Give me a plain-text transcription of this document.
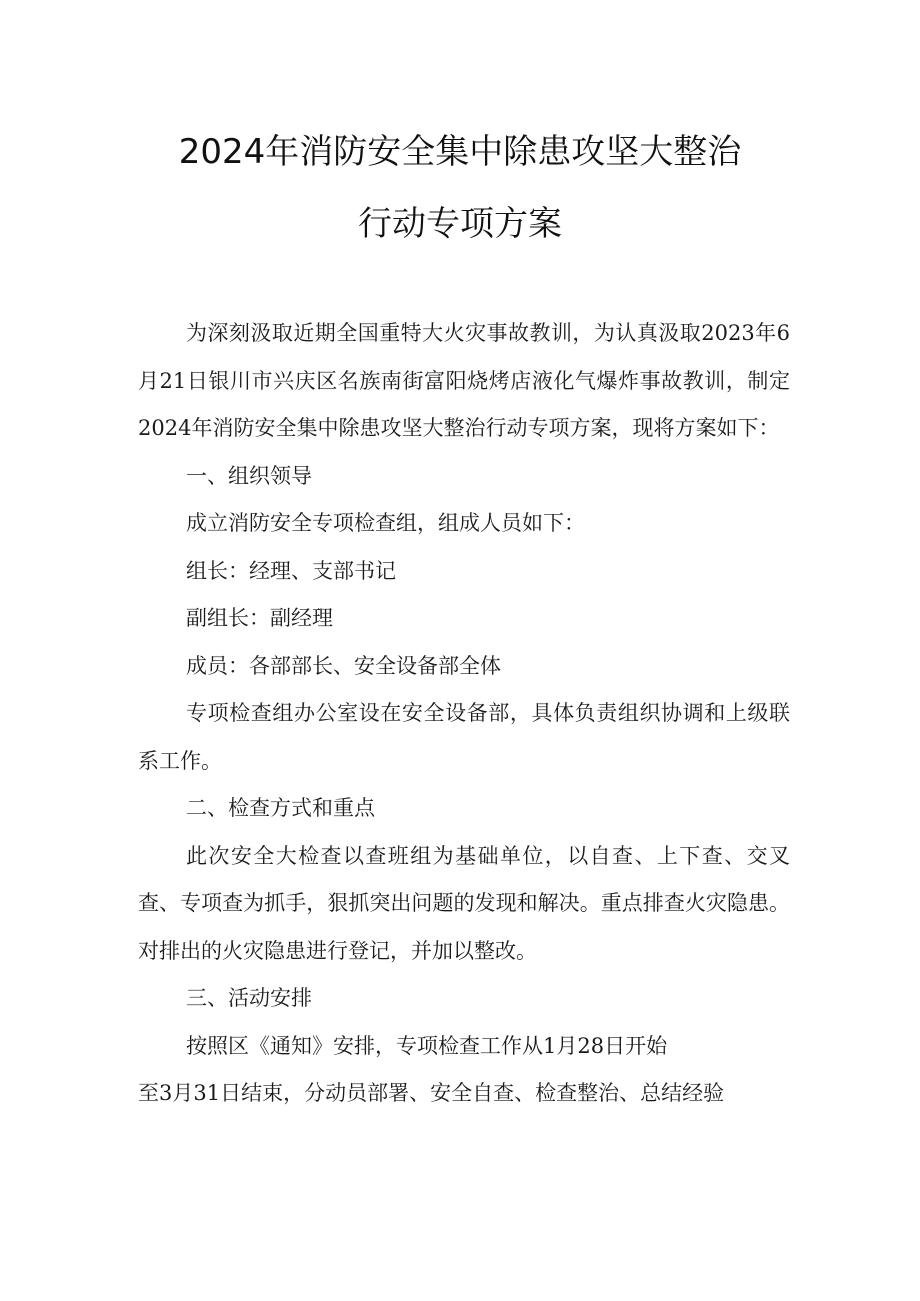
2024年消防安全集中除患攻坚大整治
行动专项方案

为深刻汲取近期全国重特大火灾事故教训，为认真汲取2023年6月21日银川市兴庆区名族南街富阳烧烤店液化气爆炸事故教训，制定2024年消防安全集中除患攻坚大整治行动专项方案，现将方案如下：

一、组织领导

成立消防安全专项检查组，组成人员如下：

组长：经理、支部书记

副组长：副经理

成员：各部部长、安全设备部全体

专项检查组办公室设在安全设备部，具体负责组织协调和上级联系工作。

二、检查方式和重点

此次安全大检查以查班组为基础单位，以自查、上下查、交叉查、专项查为抓手，狠抓突出问题的发现和解决。重点排查火灾隐患。对排出的火灾隐患进行登记，并加以整改。

三、活动安排

按照区《通知》安排，专项检查工作从1月28日开始

至3月31日结束，分动员部署、安全自查、检查整治、总结经验
